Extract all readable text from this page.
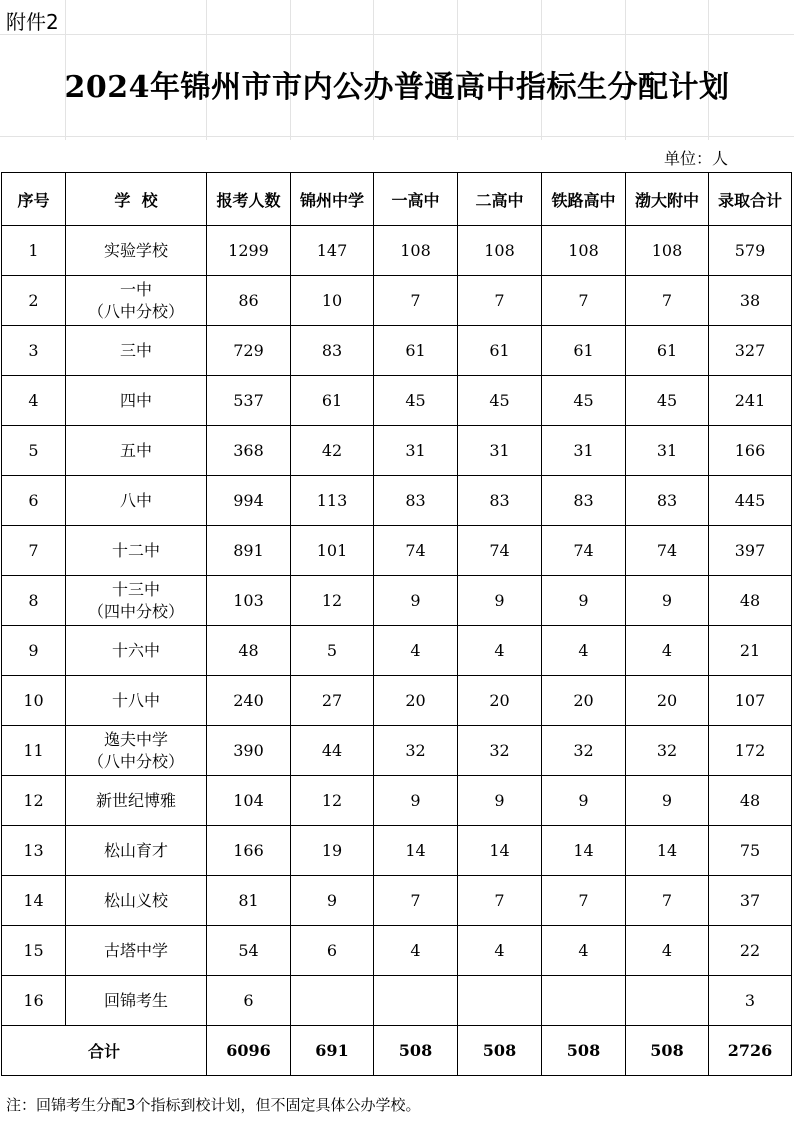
附件2
2024年锦州市市内公办普通高中指标生分配计划
单位：人
序号	学  校	报考人数	锦州中学	一高中	二高中	铁路高中	渤大附中	录取合计
1	实验学校	1299	147	108	108	108	108	579
2	一中
（八中分校）	86	10	7	7	7	7	38
3	三中	729	83	61	61	61	61	327
4	四中	537	61	45	45	45	45	241
5	五中	368	42	31	31	31	31	166
6	八中	994	113	83	83	83	83	445
7	十二中	891	101	74	74	74	74	397
8	十三中
（四中分校）	103	12	9	9	9	9	48
9	十六中	48	5	4	4	4	4	21
10	十八中	240	27	20	20	20	20	107
11	逸夫中学
（八中分校）	390	44	32	32	32	32	172
12	新世纪博雅	104	12	9	9	9	9	48
13	松山育才	166	19	14	14	14	14	75
14	松山义校	81	9	7	7	7	7	37
15	古塔中学	54	6	4	4	4	4	22
16	回锦考生	6						3
合计		6096	691	508	508	508	508	2726
注：回锦考生分配3个指标到校计划，但不固定具体公办学校。
